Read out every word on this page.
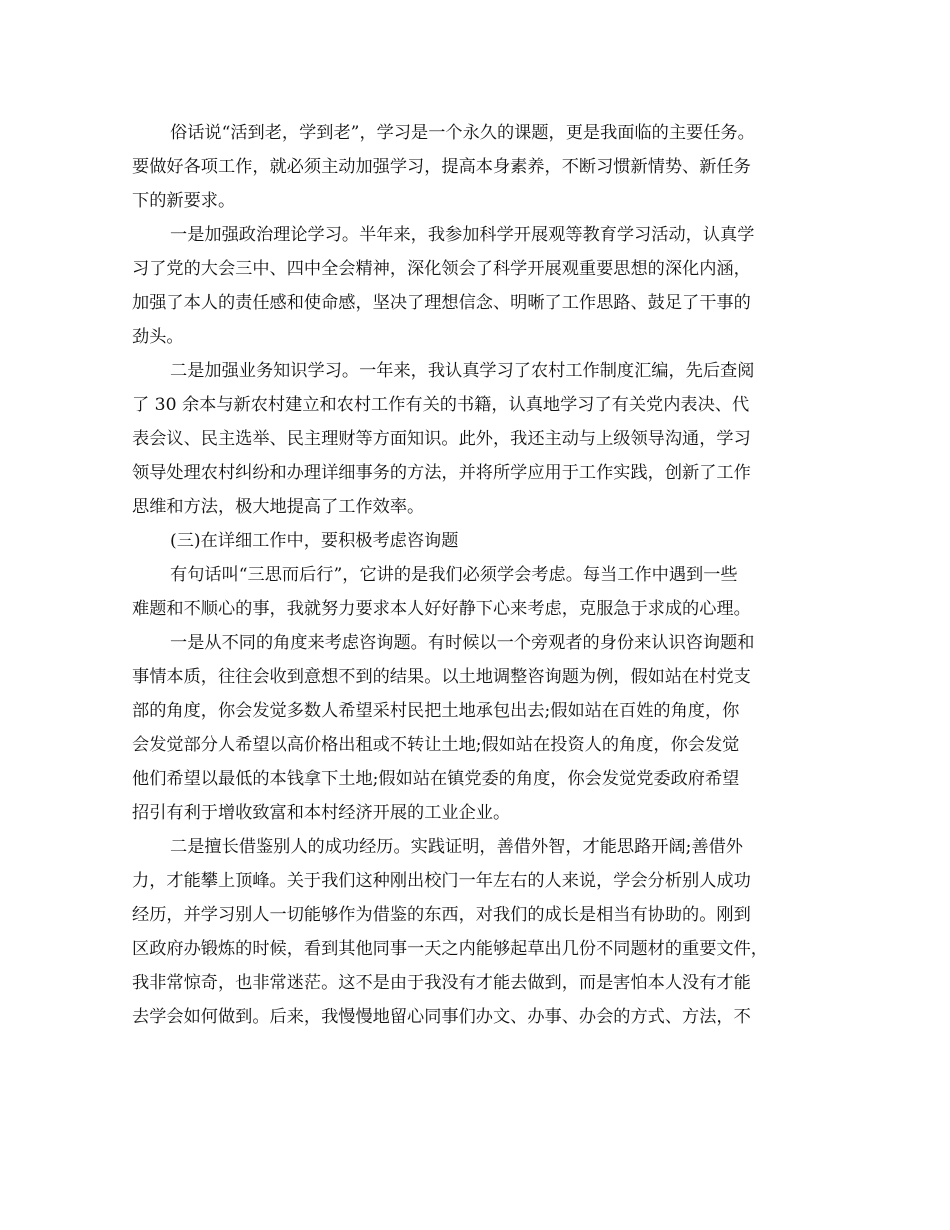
俗话说“活到老，学到老”，学习是一个永久的课题，更是我面临的主要任务。
要做好各项工作，就必须主动加强学习，提高本身素养，不断习惯新情势、新任务
下的新要求。
一是加强政治理论学习。半年来，我参加科学开展观等教育学习活动，认真学
习了党的大会三中、四中全会精神，深化领会了科学开展观重要思想的深化内涵，
加强了本人的责任感和使命感，坚决了理想信念、明晰了工作思路、鼓足了干事的
劲头。
二是加强业务知识学习。一年来，我认真学习了农村工作制度汇编，先后查阅
了 30 余本与新农村建立和农村工作有关的书籍，认真地学习了有关党内表决、代
表会议、民主选举、民主理财等方面知识。此外，我还主动与上级领导沟通，学习
领导处理农村纠纷和办理详细事务的方法，并将所学应用于工作实践，创新了工作
思维和方法，极大地提高了工作效率。
(三)在详细工作中，要积极考虑咨询题
有句话叫“三思而后行”，它讲的是我们必须学会考虑。每当工作中遇到一些
难题和不顺心的事，我就努力要求本人好好静下心来考虑，克服急于求成的心理。
一是从不同的角度来考虑咨询题。有时候以一个旁观者的身份来认识咨询题和
事情本质，往往会收到意想不到的结果。以土地调整咨询题为例，假如站在村党支
部的角度，你会发觉多数人希望采村民把土地承包出去;假如站在百姓的角度，你
会发觉部分人希望以高价格出租或不转让土地;假如站在投资人的角度，你会发觉
他们希望以最低的本钱拿下土地;假如站在镇党委的角度，你会发觉党委政府希望
招引有利于增收致富和本村经济开展的工业企业。
二是擅长借鉴别人的成功经历。实践证明，善借外智，才能思路开阔;善借外
力，才能攀上顶峰。关于我们这种刚出校门一年左右的人来说，学会分析别人成功
经历，并学习别人一切能够作为借鉴的东西，对我们的成长是相当有协助的。刚到
区政府办锻炼的时候，看到其他同事一天之内能够起草出几份不同题材的重要文件，
我非常惊奇，也非常迷茫。这不是由于我没有才能去做到，而是害怕本人没有才能
去学会如何做到。后来，我慢慢地留心同事们办文、办事、办会的方式、方法，不
